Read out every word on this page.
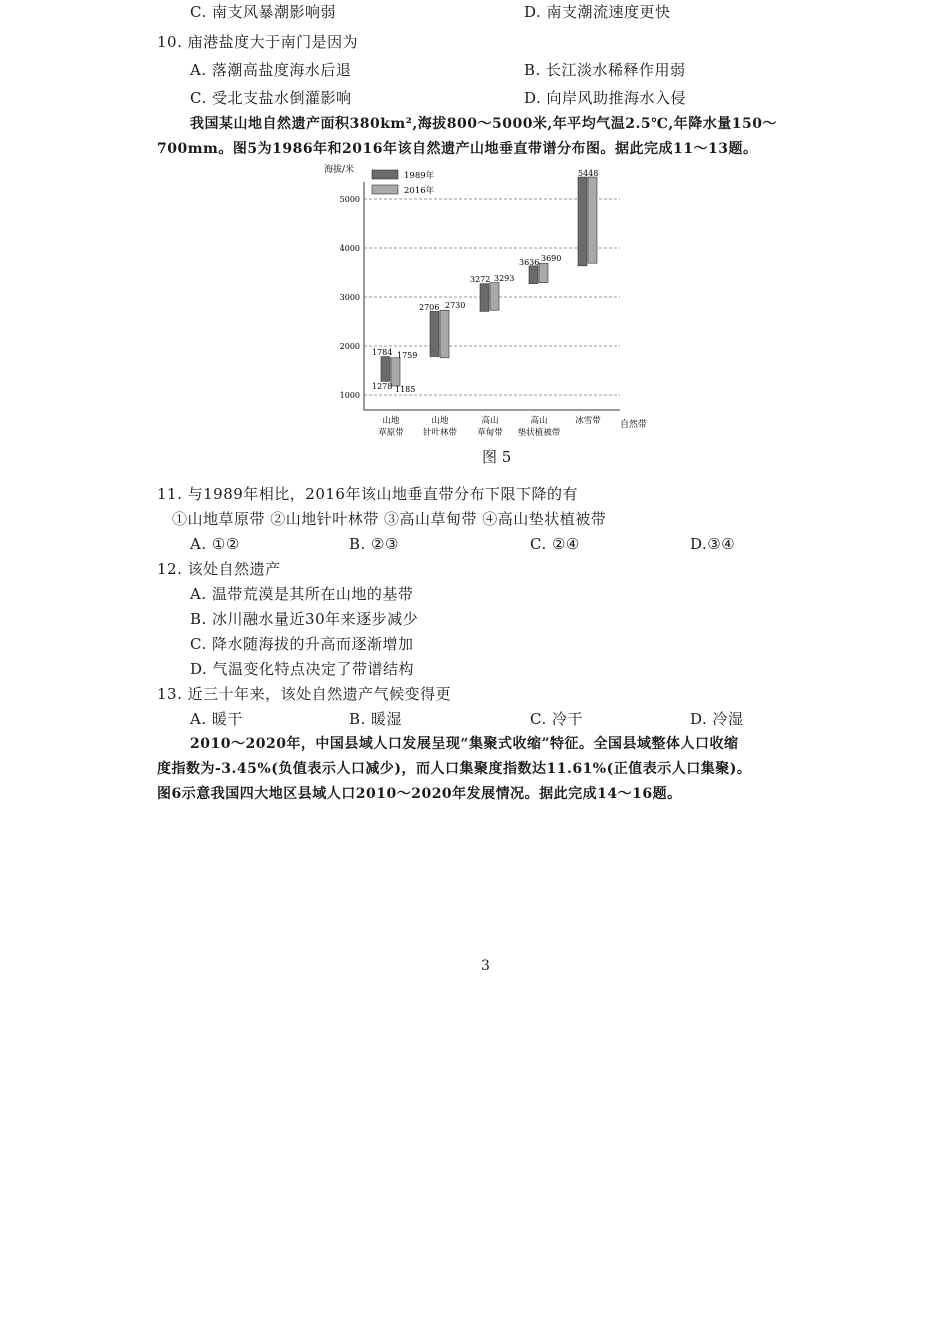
C. 南支风暴潮影响弱	D. 南支潮流速度更快
10. 庙港盐度大于南门是因为
A. 落潮高盐度海水后退	B. 长江淡水稀释作用弱
C. 受北支盐水倒灌影响	D. 向岸风助推海水入侵
我国某山地自然遗产面积380km²,海拔800～5000米,年平均气温2.5℃,年降水量150～
700mm。图5为1986年和2016年该自然遗产山地垂直带谱分布图。据此完成11～13题。
海拔/米
自然带
1989年
2016年
1000
2000
3000
4000
5000
山地
草原带
山地
针叶林带
高山
草甸带
高山
垫状植被带
冰雪带
1784 1759
1278 1185
2706 2730
3272 3293
3636 3690
5448
图 5
11. 与1989年相比，2016年该山地垂直带分布下限下降的有
①山地草原带 ②山地针叶林带 ③高山草甸带 ④高山垫状植被带
A. ①②	B. ②③	C. ②④	D.③④
12. 该处自然遗产
A. 温带荒漠是其所在山地的基带
B. 冰川融水量近30年来逐步减少
C. 降水随海拔的升高而逐渐增加
D. 气温变化特点决定了带谱结构
13. 近三十年来，该处自然遗产气候变得更
A. 暖干	B. 暖湿	C. 冷干	D. 冷湿
2010～2020年，中国县域人口发展呈现“集聚式收缩”特征。全国县域整体人口收缩
度指数为-3.45%(负值表示人口减少)，而人口集聚度指数达11.61%(正值表示人口集聚)。
图6示意我国四大地区县域人口2010～2020年发展情况。据此完成14～16题。
3
